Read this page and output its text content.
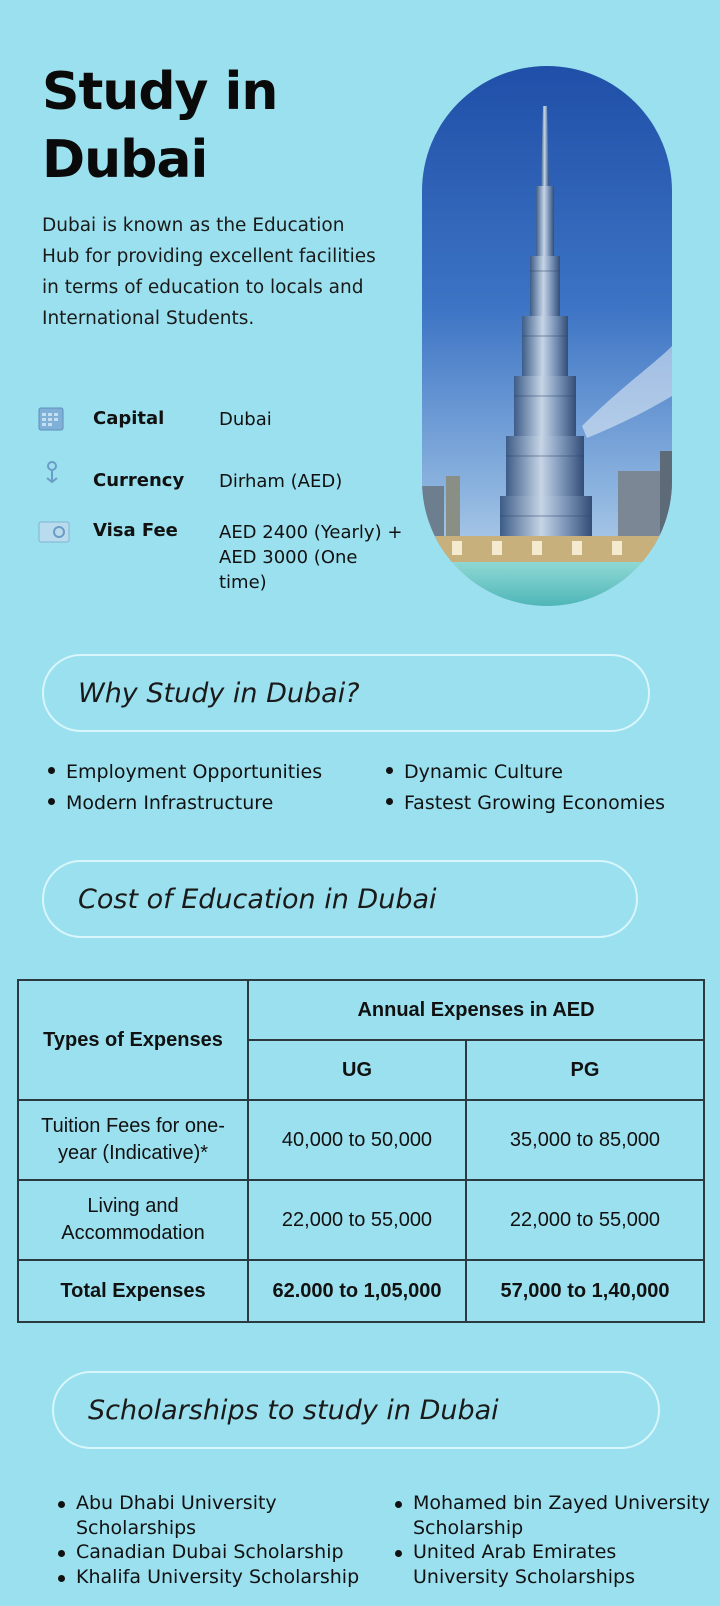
Study in
Dubai

Dubai is known as the Education Hub for providing excellent facilities in terms of education to locals and International Students.

Capital	Dubai
Currency Dirham (AED)
Visa Fee AED 2400 (Yearly) + AED 3000 (One time)
Why Study in Dubai?
Employment Opportunities
Modern Infrastructure
Dynamic Culture
Fastest Growing Economies
Cost of Education in Dubai
Types of Expenses	Annual Expenses in AED	
	UG	PG
Tuition Fees for one-year (Indicative)*	40,000 to 50,000	35,000 to 85,000
Living and Accommodation	22,000 to 55,000	22,000 to 55,000
Total Expenses	62.000 to 1,05,000	57,000 to 1,40,000
Scholarships to study in Dubai
Abu Dhabi University Scholarships
Canadian Dubai Scholarship
Khalifa University Scholarship
Mohamed bin Zayed University Scholarship
United Arab Emirates University Scholarships
